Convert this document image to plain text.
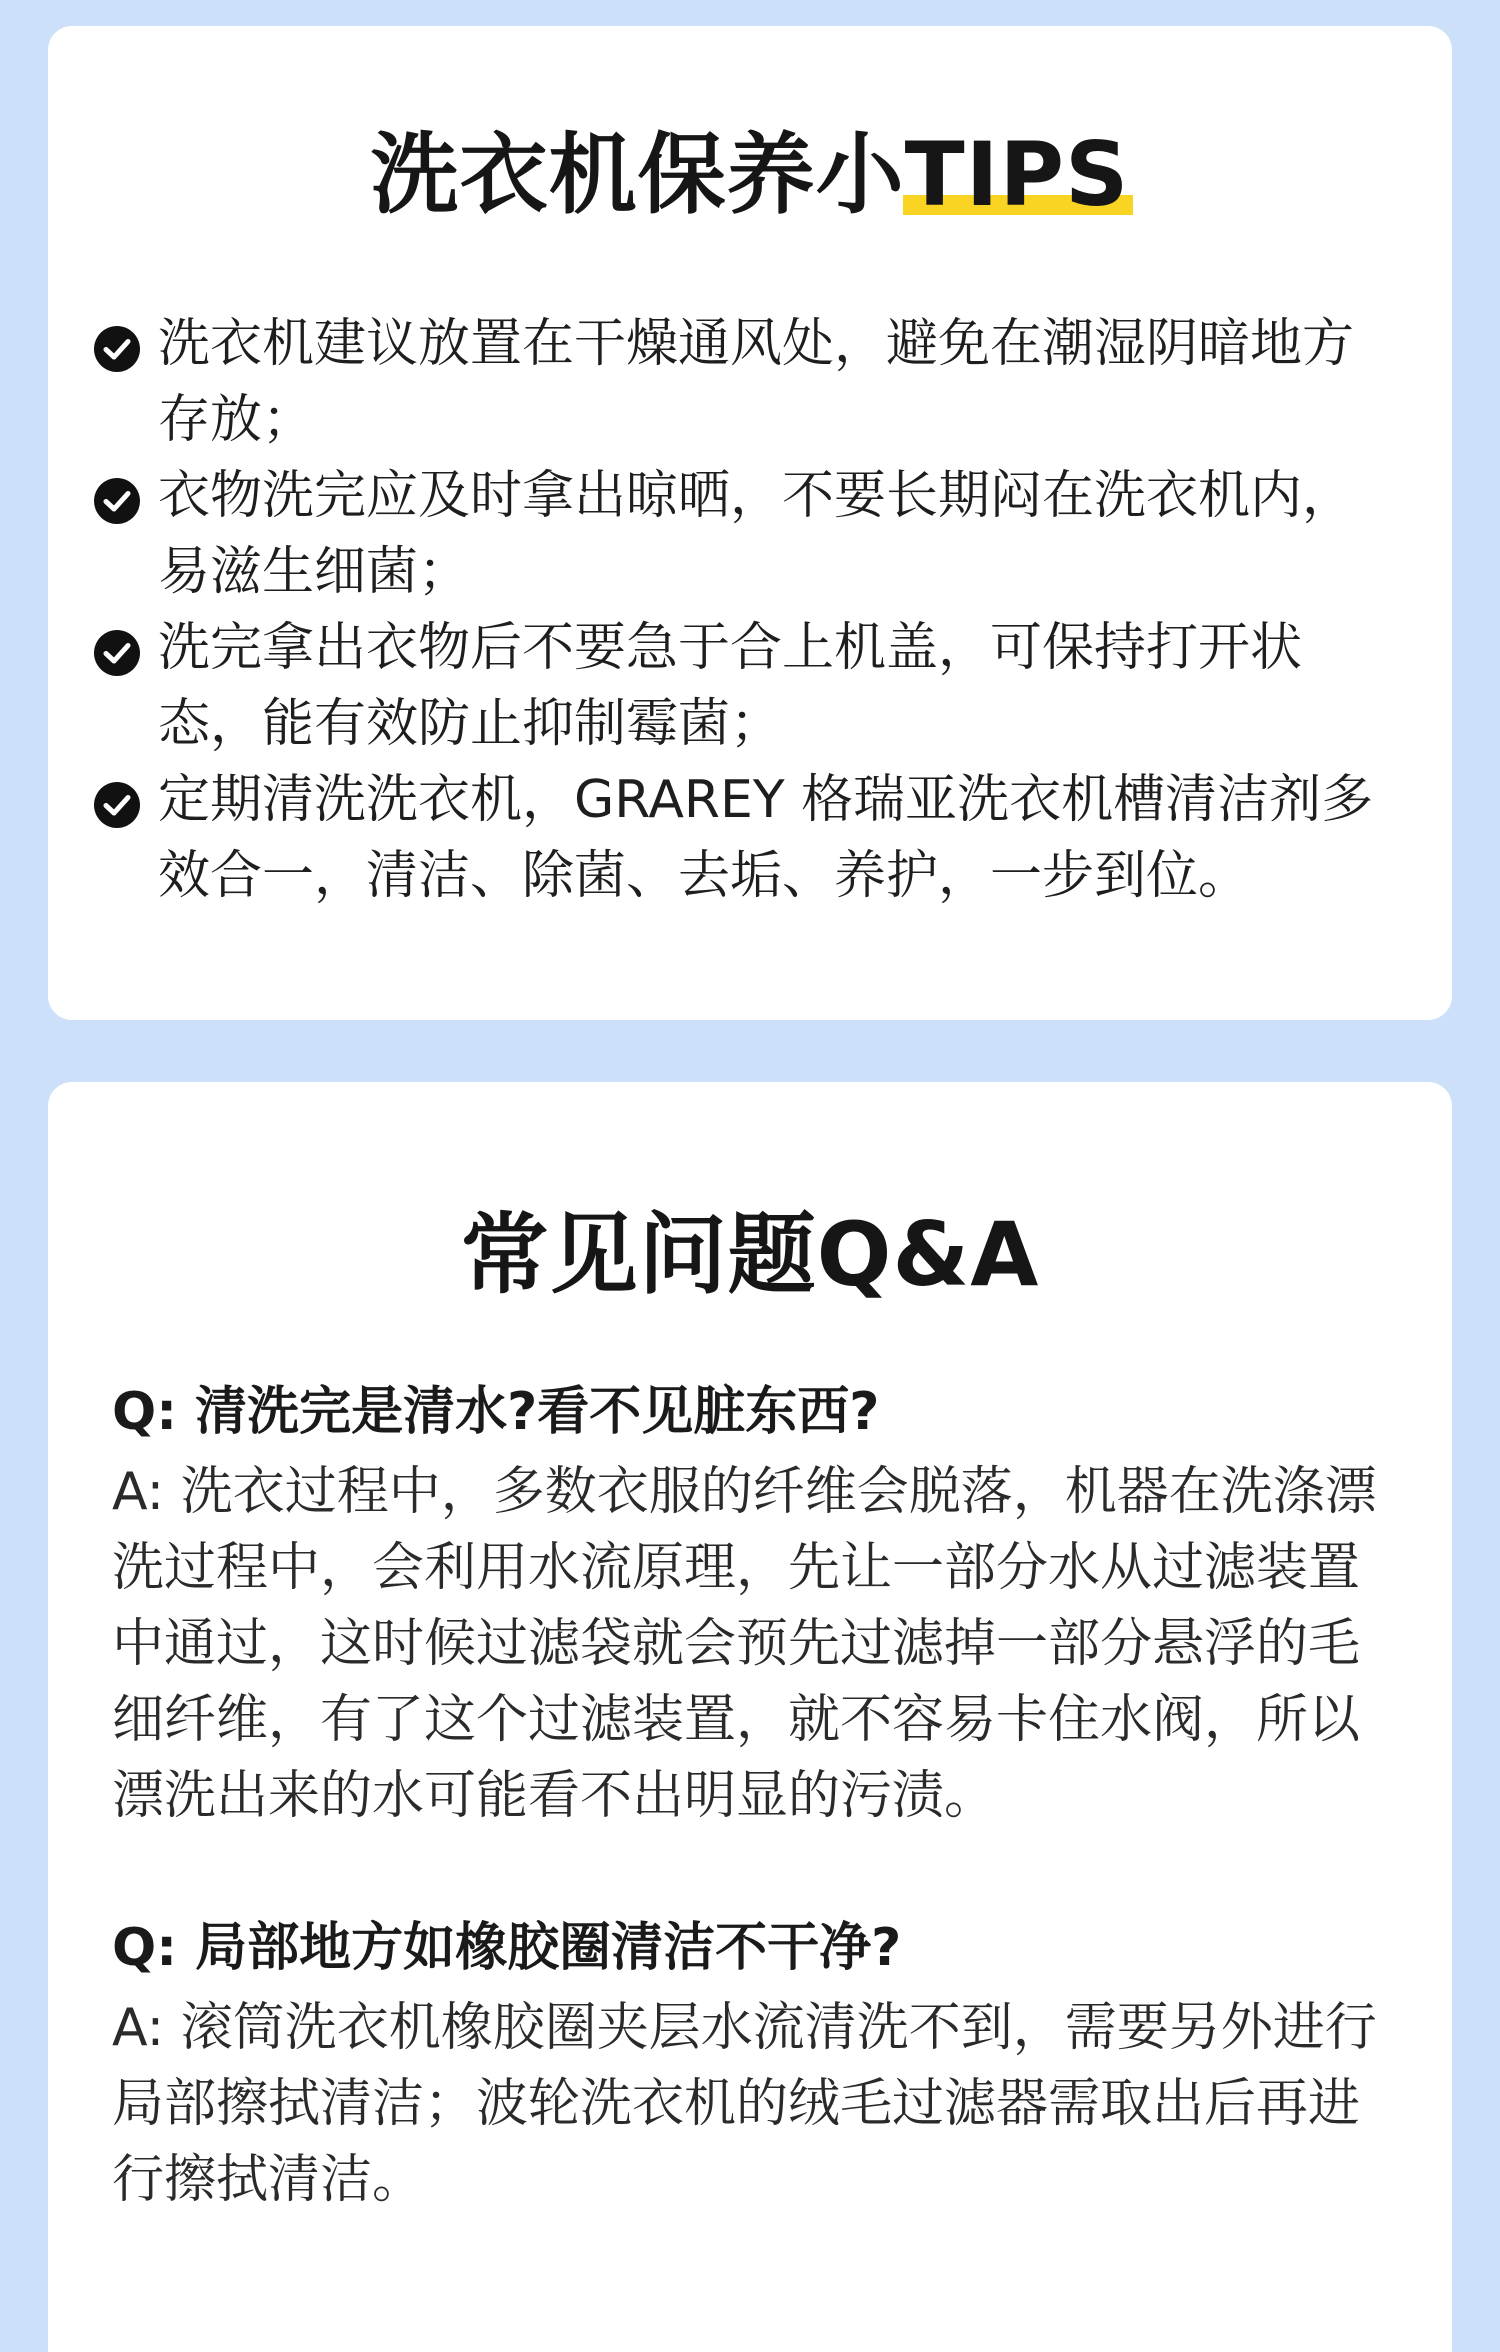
洗衣机保养小TIPS
洗衣机建议放置在干燥通风处，避免在潮湿阴暗地方存放；
衣物洗完应及时拿出晾晒，不要长期闷在洗衣机内，易滋生细菌；
洗完拿出衣物后不要急于合上机盖，可保持打开状态，能有效防止抑制霉菌；
定期清洗洗衣机，GRAREY 格瑞亚洗衣机槽清洁剂多效合一，清洁、除菌、去垢、养护，一步到位。
常见问题Q&A

Q: 清洗完是清水?看不见脏东西?

A: 洗衣过程中，多数衣服的纤维会脱落，机器在洗涤漂洗过程中，会利用水流原理，先让一部分水从过滤装置中通过，这时候过滤袋就会预先过滤掉一部分悬浮的毛细纤维，有了这个过滤装置，就不容易卡住水阀，所以漂洗出来的水可能看不出明显的污渍。

Q: 局部地方如橡胶圈清洁不干净?

A: 滚筒洗衣机橡胶圈夹层水流清洗不到，需要另外进行局部擦拭清洁；波轮洗衣机的绒毛过滤器需取出后再进行擦拭清洁。
